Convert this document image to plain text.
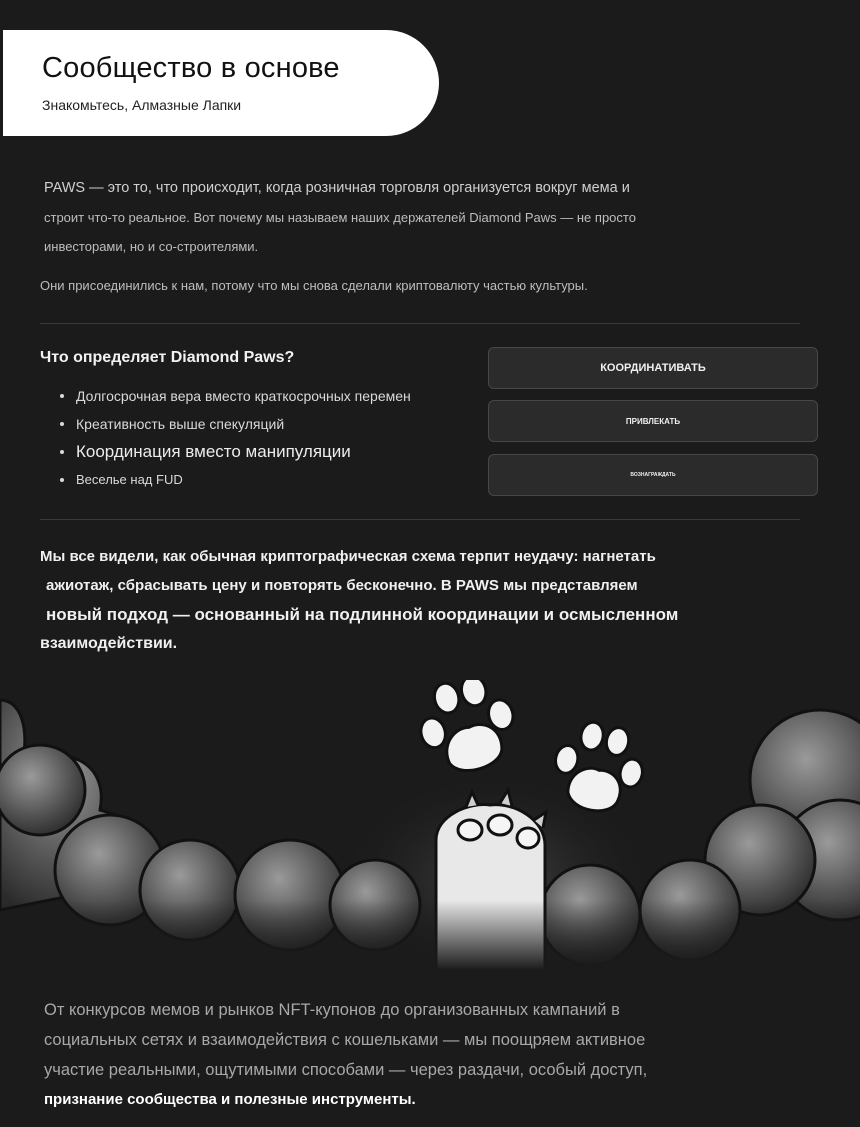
Сообщество в основе
Знакомьтесь, Алмазные Лапки
PAWS — это то, что происходит, когда розничная торговля организуется вокруг мема и
строит что-то реальное. Вот почему мы называем наших держателей Diamond Paws — не просто
инвесторами, но и со-строителями.
Они присоединились к нам, потому что мы снова сделали криптовалюту частью культуры.
Что определяет Diamond Paws?
Долгосрочная вера вместо краткосрочных перемен
Креативность выше спекуляций
Координация вместо манипуляции
Веселье над FUD
КООРДИНАТИВАТЬ
ПРИВЛЕКАТЬ
ВОЗНАГРАЖДАТЬ
Мы все видели, как обычная криптографическая схема терпит неудачу: нагнетать
ажиотаж, сбрасывать цену и повторять бесконечно. В PAWS мы представляем
новый подход — основанный на подлинной координации и осмысленном
взаимодействии.
От конкурсов мемов и рынков NFT-купонов до организованных кампаний в
социальных сетях и взаимодействия с кошельками — мы поощряем активное
участие реальными, ощутимыми способами — через раздачи, особый доступ,
признание сообщества и полезные инструменты.
